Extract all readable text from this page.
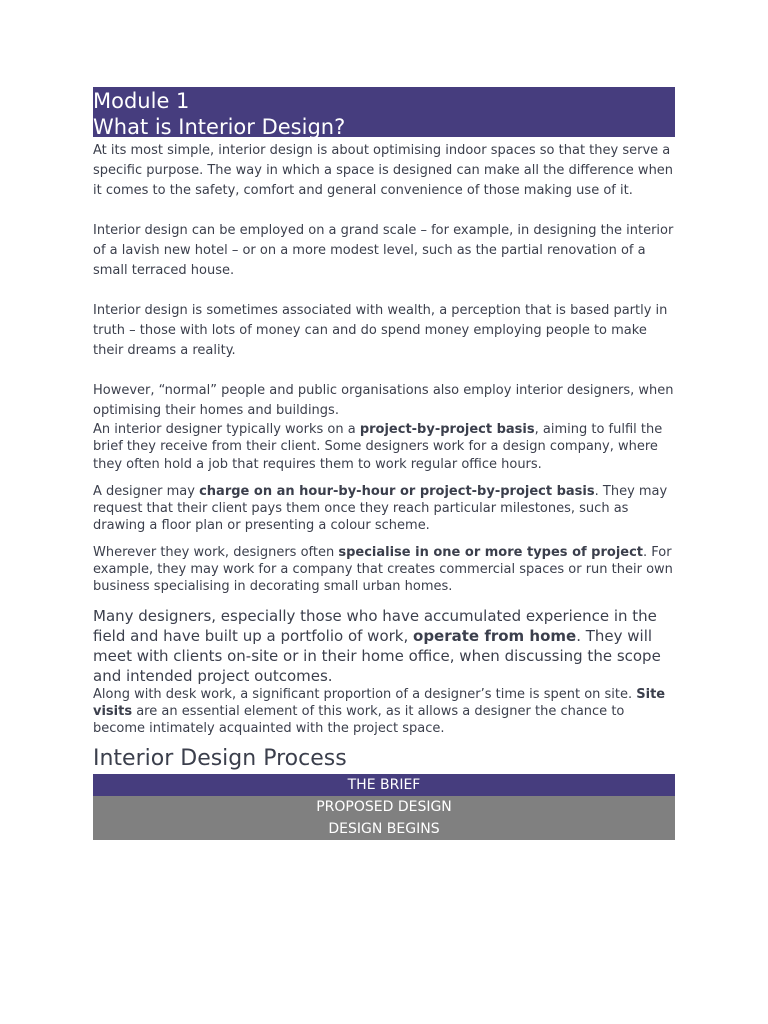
Module 1
What is Interior Design?

At its most simple, interior design is about optimising indoor spaces so that they serve a specific purpose. The way in which a space is designed can make all the difference when it comes to the safety, comfort and general convenience of those making use of it.

Interior design can be employed on a grand scale – for example, in designing the interior of a lavish new hotel – or on a more modest level, such as the partial renovation of a small terraced house.

Interior design is sometimes associated with wealth, a perception that is based partly in truth – those with lots of money can and do spend money employing people to make their dreams a reality.

However, “normal” people and public organisations also employ interior designers, when optimising their homes and buildings.

An interior designer typically works on a project-by-project basis, aiming to fulfil the brief they receive from their client. Some designers work for a design company, where they often hold a job that requires them to work regular office hours.

A designer may charge on an hour-by-hour or project-by-project basis. They may request that their client pays them once they reach particular milestones, such as drawing a floor plan or presenting a colour scheme.

Wherever they work, designers often specialise in one or more types of project. For example, they may work for a company that creates commercial spaces or run their own business specialising in decorating small urban homes.

Many designers, especially those who have accumulated experience in the field and have built up a portfolio of work, operate from home. They will meet with clients on-site or in their home office, when discussing the scope and intended project outcomes.

Along with desk work, a significant proportion of a designer’s time is spent on site. Site visits are an essential element of this work, as it allows a designer the chance to become intimately acquainted with the project space.

Interior Design Process
THE BRIEF
PROPOSED DESIGN
DESIGN BEGINS
